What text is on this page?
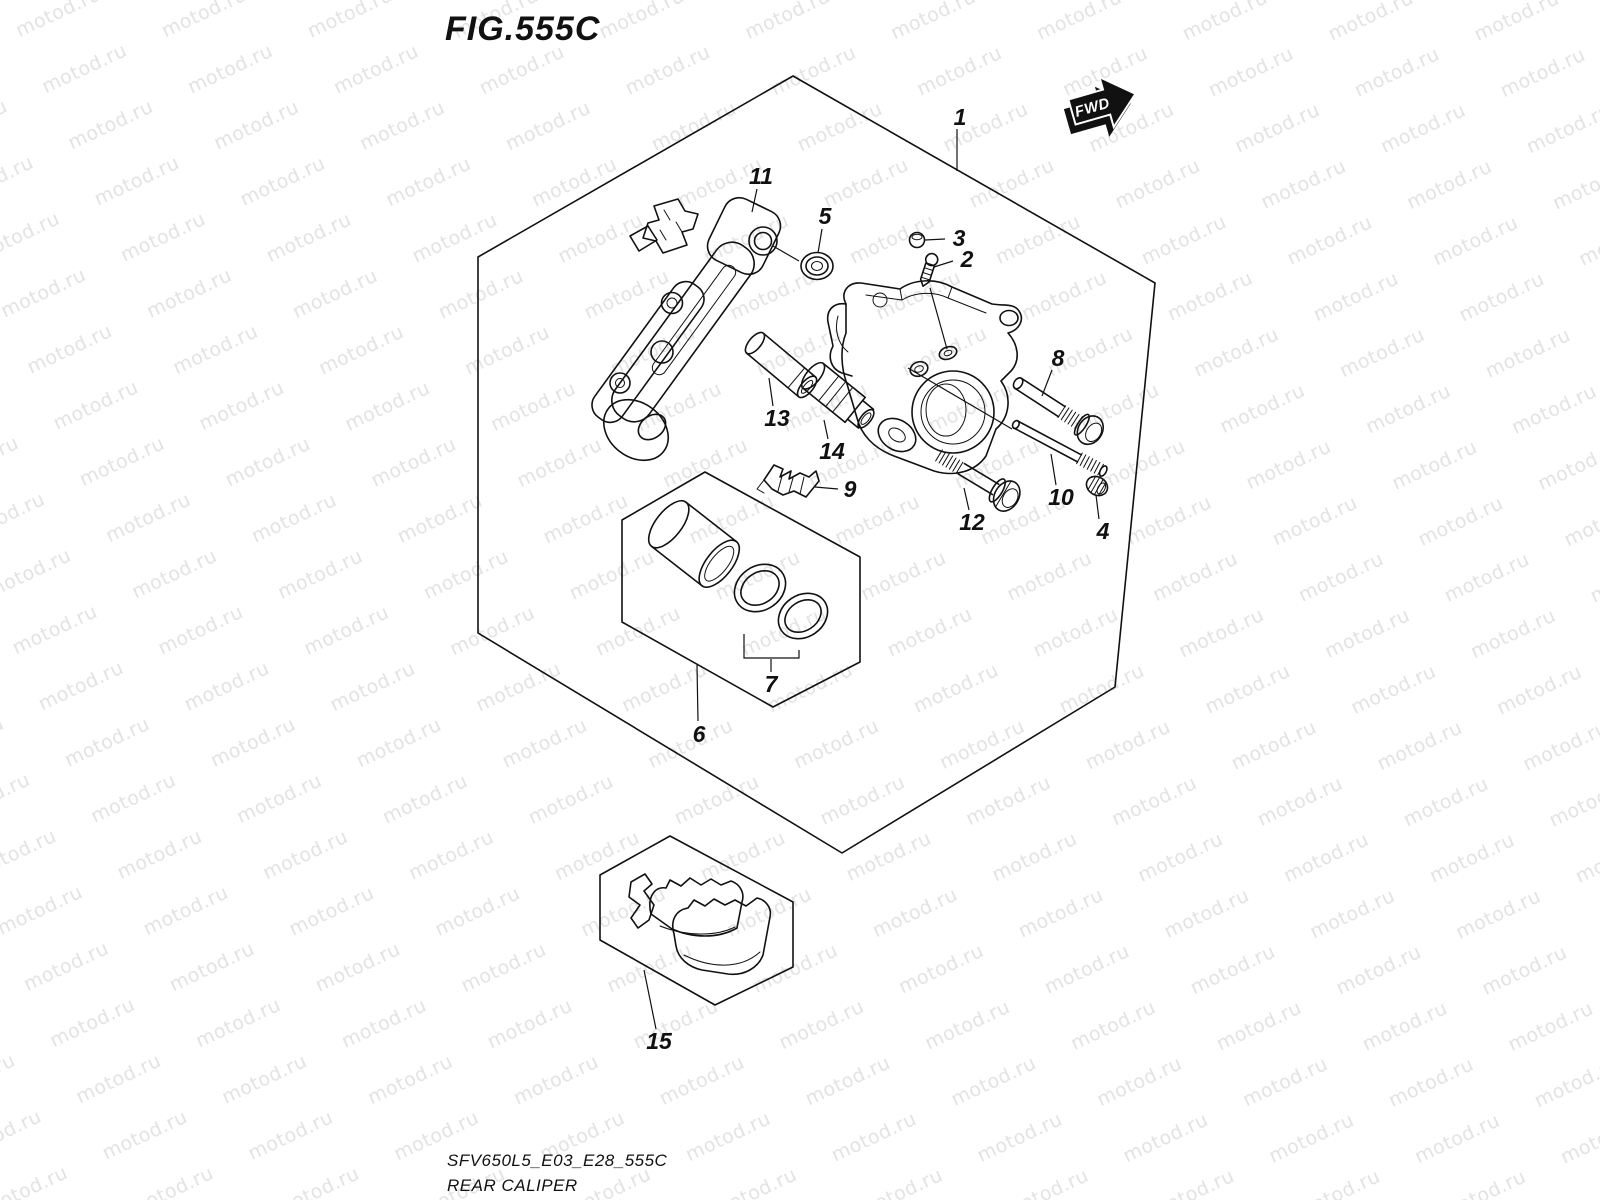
FWD
1
2
3
4
5
6
7
8
9	10
11
12
13
14
15
FIG.555C
SFV650L5_E03_E28_555C
REAR CALIPER
